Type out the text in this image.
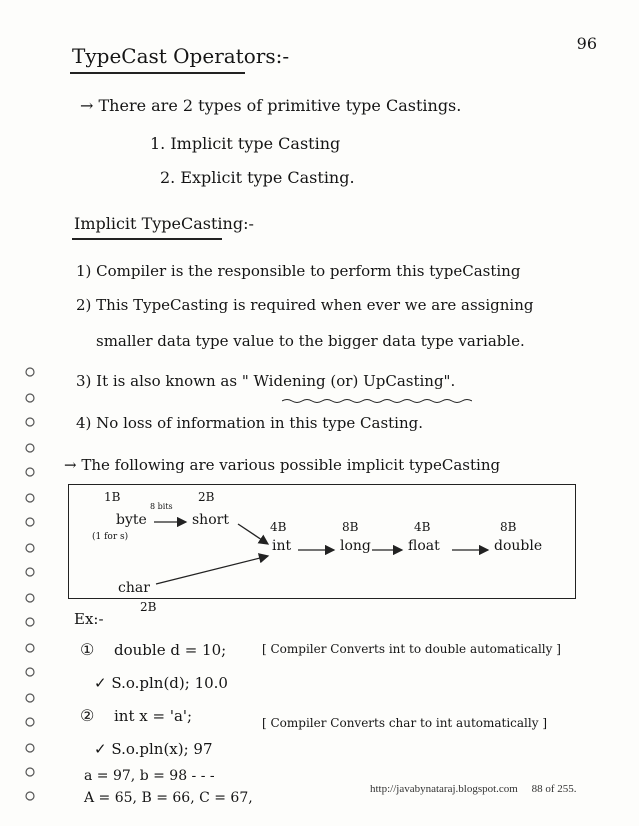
96
TypeCast Operators:-
→ There are 2 types of primitive type Castings.
1. Implicit type Casting
2. Explicit type Casting.
Implicit TypeCasting:-
1) Compiler is the responsible to perform this typeCasting
2) This TypeCasting is required when ever we are assigning
smaller data type value to the bigger data type variable.
3) It is also known as " Widening (or) UpCasting".
4) No loss of information in this type Casting.
→ The following are various possible implicit typeCasting
1B
byte
8 bits
(1 for s)
2B
short	4B
int
8B
long
4B
float
8B
double
char
2B
Ex:-
① double d = 10;	[ Compiler Converts int to double automatically ]
✓ S.o.pln(d); 10.0
② int x = 'a';	[ Compiler Converts char to int automatically ]
✓ S.o.pln(x); 97
a = 97, b = 98 - - -
A = 65, B = 66, C = 67,
http://javabynataraj.blogspot.com 88 of 255.
